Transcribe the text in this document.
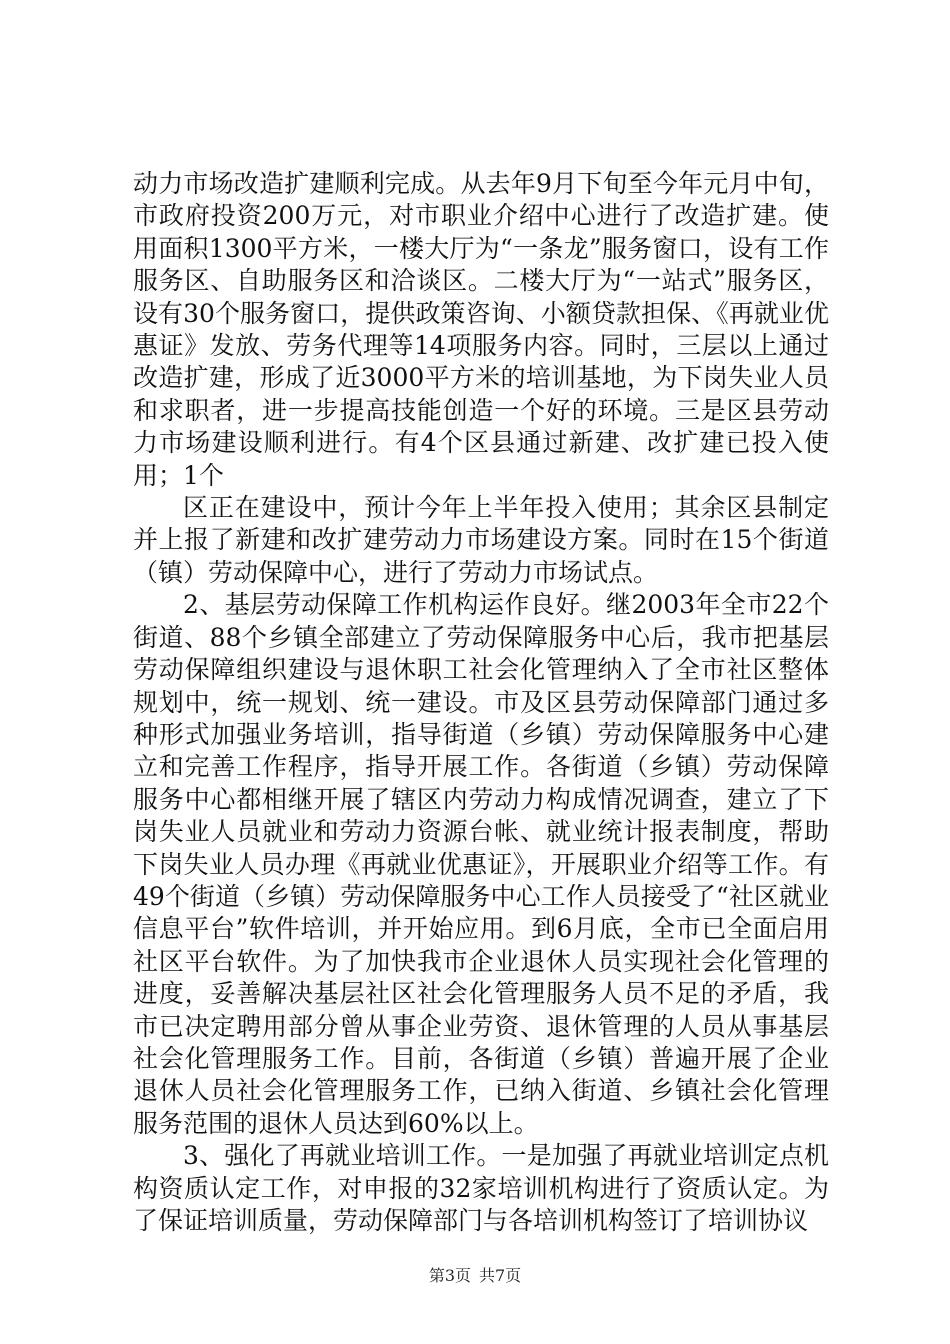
动力市场改造扩建顺利完成。从去年9月下旬至今年元月中旬，市政府投资200万元，对市职业介绍中心进行了改造扩建。使用面积1300平方米，一楼大厅为“一条龙”服务窗口，设有工作服务区、自助服务区和洽谈区。二楼大厅为“一站式”服务区，设有30个服务窗口，提供政策咨询、小额贷款担保、《再就业优惠证》发放、劳务代理等14项服务内容。同时，三层以上通过改造扩建，形成了近3000平方米的培训基地，为下岗失业人员和求职者，进一步提高技能创造一个好的环境。三是区县劳动力市场建设顺利进行。有4个区县通过新建、改扩建已投入使用；1个

区正在建设中，预计今年上半年投入使用；其余区县制定并上报了新建和改扩建劳动力市场建设方案。同时在15个街道（镇）劳动保障中心，进行了劳动力市场试点。

2、基层劳动保障工作机构运作良好。继2003年全市22个街道、88个乡镇全部建立了劳动保障服务中心后，我市把基层劳动保障组织建设与退休职工社会化管理纳入了全市社区整体规划中，统一规划、统一建设。市及区县劳动保障部门通过多种形式加强业务培训，指导街道（乡镇）劳动保障服务中心建立和完善工作程序，指导开展工作。各街道（乡镇）劳动保障服务中心都相继开展了辖区内劳动力构成情况调查，建立了下岗失业人员就业和劳动力资源台帐、就业统计报表制度，帮助下岗失业人员办理《再就业优惠证》，开展职业介绍等工作。有49个街道（乡镇）劳动保障服务中心工作人员接受了“社区就业信息平台”软件培训，并开始应用。到6月底，全市已全面启用社区平台软件。为了加快我市企业退休人员实现社会化管理的进度，妥善解决基层社区社会化管理服务人员不足的矛盾，我市已决定聘用部分曾从事企业劳资、退休管理的人员从事基层社会化管理服务工作。目前，各街道（乡镇）普遍开展了企业退休人员社会化管理服务工作，已纳入街道、乡镇社会化管理服务范围的退休人员达到60%以上。

3、强化了再就业培训工作。一是加强了再就业培训定点机构资质认定工作，对申报的32家培训机构进行了资质认定。为了保证培训质量，劳动保障部门与各培训机构签订了培训协议

第3页 共7页
